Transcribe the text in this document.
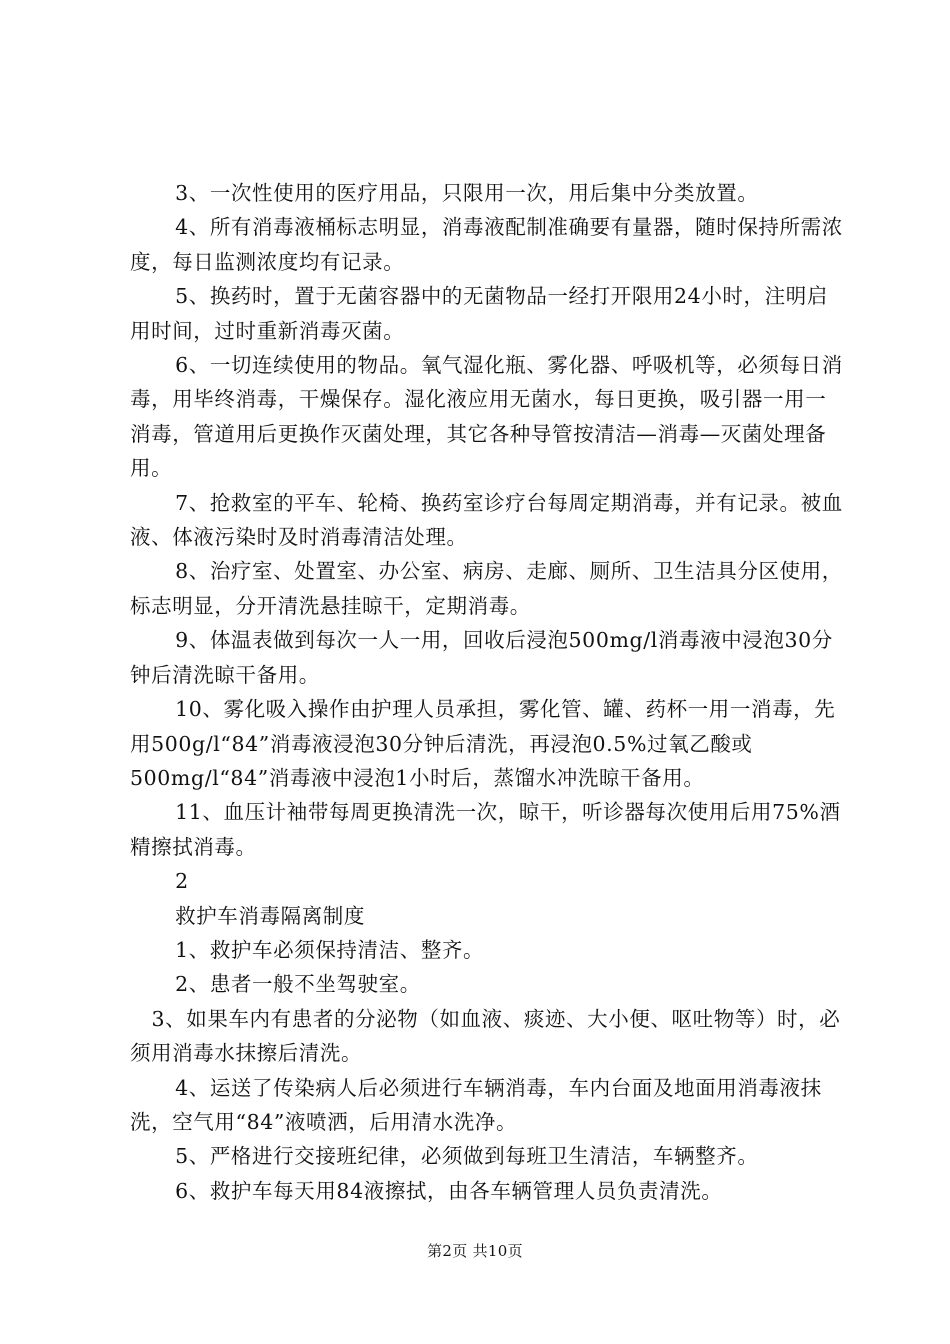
3、一次性使用的医疗用品，只限用一次，用后集中分类放置。

4、所有消毒液桶标志明显，消毒液配制准确要有量器，随时保持所需浓度，每日监测浓度均有记录。

5、换药时，置于无菌容器中的无菌物品一经打开限用24小时，注明启用时间，过时重新消毒灭菌。

6、一切连续使用的物品。氧气湿化瓶、雾化器、呼吸机等，必须每日消毒，用毕终消毒，干燥保存。湿化液应用无菌水，每日更换，吸引器一用一消毒，管道用后更换作灭菌处理，其它各种导管按清洁—消毒—灭菌处理备用。

7、抢救室的平车、轮椅、换药室诊疗台每周定期消毒，并有记录。被血液、体液污染时及时消毒清洁处理。

8、治疗室、处置室、办公室、病房、走廊、厕所、卫生洁具分区使用，标志明显，分开清洗悬挂晾干，定期消毒。

9、体温表做到每次一人一用，回收后浸泡500mg/l消毒液中浸泡30分钟后清洗晾干备用。

10、雾化吸入操作由护理人员承担，雾化管、罐、药杯一用一消毒，先用500g/l“84”消毒液浸泡30分钟后清洗，再浸泡0.5%过氧乙酸或500mg/l“84”消毒液中浸泡1小时后，蒸馏水冲洗晾干备用。

11、血压计袖带每周更换清洗一次，晾干，听诊器每次使用后用75%酒精擦拭消毒。

2

救护车消毒隔离制度

1、救护车必须保持清洁、整齐。

2、患者一般不坐驾驶室。

3、如果车内有患者的分泌物（如血液、痰迹、大小便、呕吐物等）时，必须用消毒水抹擦后清洗。

4、运送了传染病人后必须进行车辆消毒，车内台面及地面用消毒液抹洗，空气用“84”液喷洒，后用清水洗净。

5、严格进行交接班纪律，必须做到每班卫生清洁，车辆整齐。

6、救护车每天用84液擦拭，由各车辆管理人员负责清洗。

第2页 共10页
